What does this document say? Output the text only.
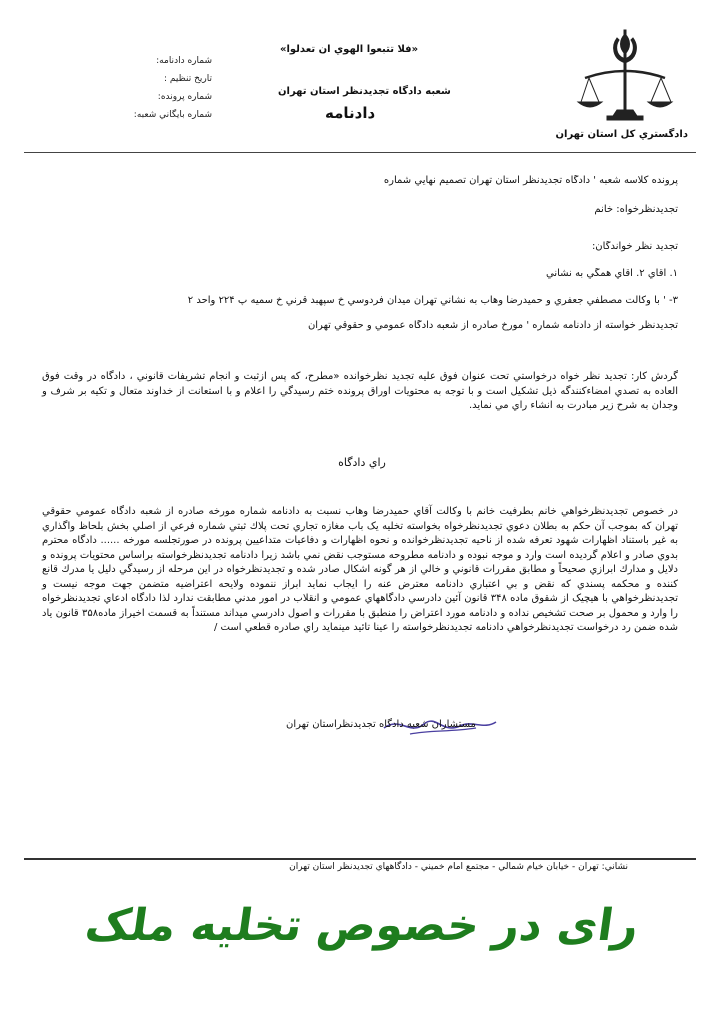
دادگستري كل استان تهران
«فلا تتبعوا الهوي ان تعدلوا»
شعبه دادگاه تجدیدنظر استان تهران
دادنامه
شماره دادنامه:
تاريخ تنظيم :
شماره پرونده:
شماره بايگاني شعبه:
پرونده كلاسه شعبه ' دادگاه تجديدنظر استان تهران تصميم نهايي شماره
تجديدنظرخواه: خانم
تجديد نظر خواندگان:
۱. آقاي ۲. آقاي همگي به نشاني
۳- ' با وكالت مصطفي جعفري و حميدرضا وهاب به نشاني تهران ميدان فردوسي خ سپهبد قرني خ سميه پ ۲۲۴ واحد ۲
تجديدنظر خواسته از دادنامه شماره ' مورخ صادره از شعبه دادگاه عمومي و حقوقي تهران
گردش كار: تجديد نظر خواه درخواستي تحت عنوان فوق عليه تجديد نظرخوانده «مطرح، كه پس ازثبت و انجام تشريفات قانوني ، دادگاه در وقت فوق العاده به تصدي امضاءكنندگه ذيل تشكيل است و با توجه به محتويات اوراق پرونده ختم رسيدگي را اعلام و با استعانت از خداوند متعال و تكيه بر شرف و وجدان به شرح زير مبادرت به انشاء راي مي نمايد.
راي دادگاه
در خصوص تجديدنظرخواهي خانم بطرفيت خانم با وكالت آقاي حميدرضا وهاب نسبت به دادنامه شماره مورخه صادره از شعبه دادگاه عمومي حقوقي تهران كه بموجب آن حكم به بطلان دعوي تجديدنظرخواه بخواسته تخليه يک باب مغازه تجاري تحت پلاك ثبتي شماره فرعي از اصلي بخش بلحاظ واگذاري به غير باستناد اظهارات شهود تعرفه شده از ناحيه تجديدنظرخوانده و نحوه اظهارات و دفاعيات متداعيين پرونده در صورتجلسه مورخه ...... دادگاه محترم بدوي صادر و اعلام گرديده است وارد و موجه نبوده و دادنامه مطروحه مستوجب نقض نمي باشد زيرا دادنامه تجديدنظرخواسته براساس محتويات پرونده و دلايل و مدارك ابرازي صحيحاً و مطابق مقررات قانوني و خالي از هر گونه اشكال صادر شده و تجديدنظرخواه در اين مرحله از رسيدگي دليل يا مدرك قانع كننده و محكمه پسندي كه نقض و بي اعتباري دادنامه معترض عنه را ايجاب نمايد ابراز ننموده ولايحه اعتراضيه متضمن جهت موجه نيست و تجديدنظرخواهي با هيچيک از شقوق ماده ۳۴۸ قانون آئين دادرسي دادگاههاي عمومي و انقلاب در امور مدني مطابقت ندارد لذا دادگاه ادعاي تجديدنظرخواه را وارد و محمول بر صحت تشخيص نداده و دادنامه مورد اعتراض را منطبق با مقررات و اصول دادرسي ميداند مستنداً به قسمت اخيراز ماده۳۵۸ قانون ياد شده ضمن رد درخواست تجديدنظرخواهي دادنامه تجديدنظرخواسته را عينا تائيد مينمايد راي صادره قطعي است /
مستشاران شعبه دادگاه تجديدنظراستان تهران
نشاني: تهران - خيابان خيام شمالي - مجتمع امام خميني - دادگاههاي تجديدنظر استان تهران
رای در خصوص تخلیه ملک
